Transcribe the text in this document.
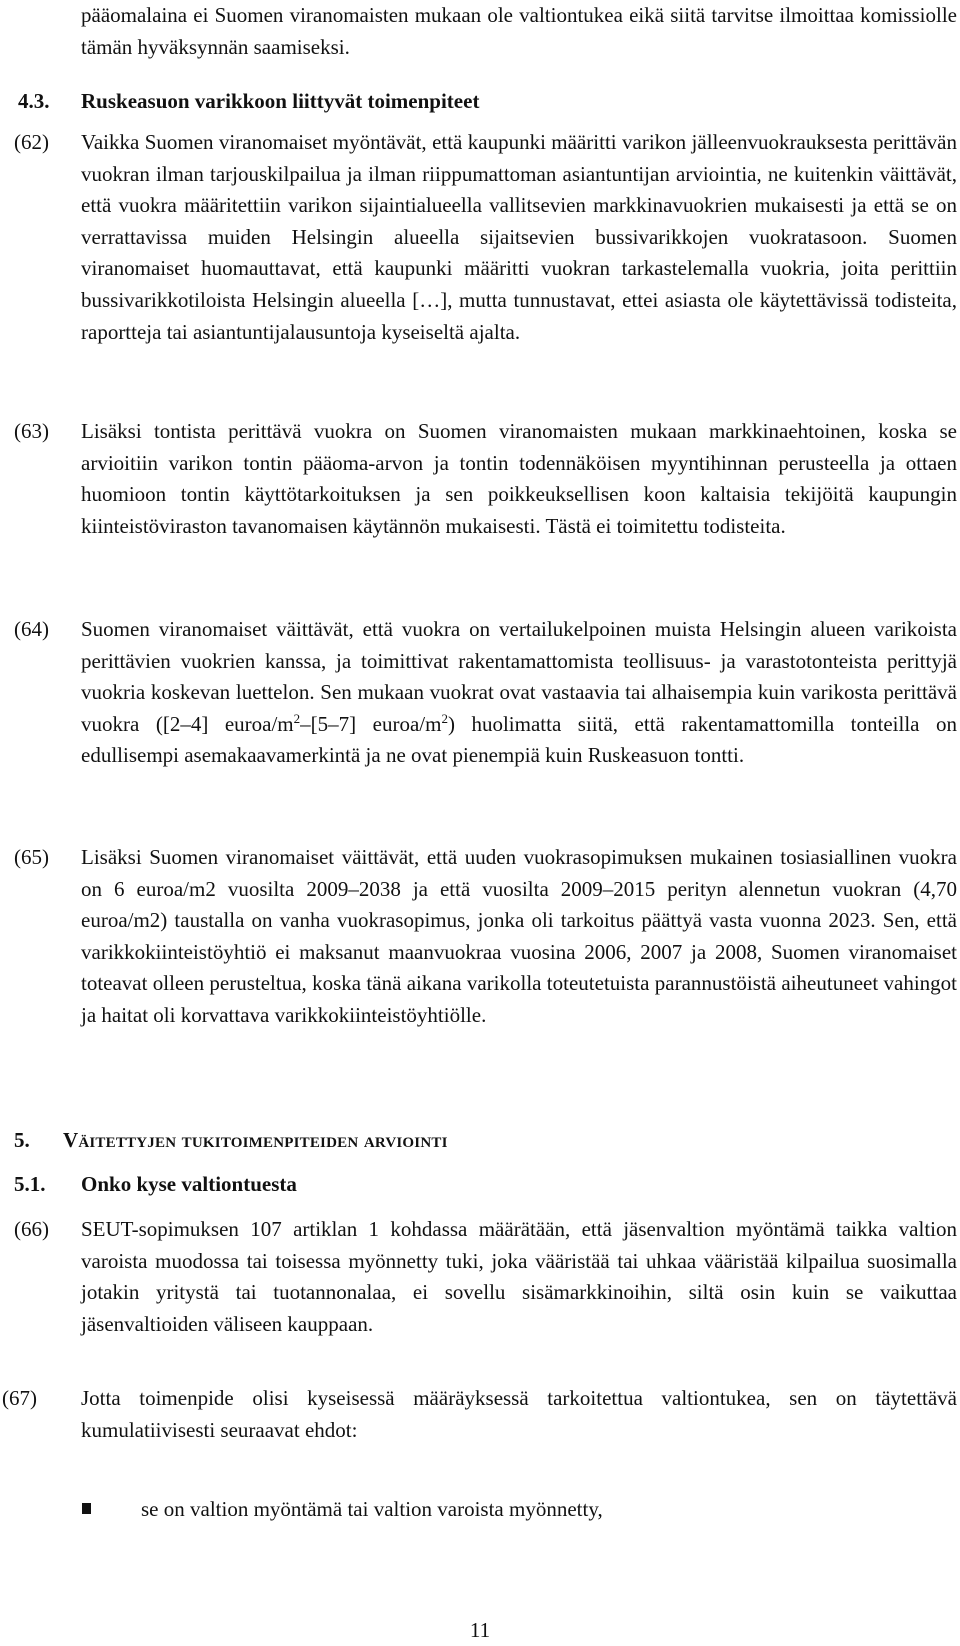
pääomalaina ei Suomen viranomaisten mukaan ole valtiontukea eikä siitä tarvitse ilmoittaa komissiolle tämän hyväksynnän saamiseksi.

4.3. Ruskeasuon varikkoon liittyvät toimenpiteet
(62) Vaikka Suomen viranomaiset myöntävät, että kaupunki määritti varikon jälleenvuokrauksesta perittävän vuokran ilman tarjouskilpailua ja ilman riippumattoman asiantuntijan arviointia, ne kuitenkin väittävät, että vuokra määritettiin varikon sijaintialueella vallitsevien markkinavuokrien mukaisesti ja että se on verrattavissa muiden Helsingin alueella sijaitsevien bussivarikkojen vuokratasoon. Suomen viranomaiset huomauttavat, että kaupunki määritti vuokran tarkastelemalla vuokria, joita perittiin bussivarikkotiloista Helsingin alueella […], mutta tunnustavat, ettei asiasta ole käytettävissä todisteita, raportteja tai asiantuntijalausuntoja kyseiseltä ajalta.

(63) Lisäksi tontista perittävä vuokra on Suomen viranomaisten mukaan markkinaehtoinen, koska se arvioitiin varikon tontin pääoma-arvon ja tontin todennäköisen myyntihinnan perusteella ja ottaen huomioon tontin käyttötarkoituksen ja sen poikkeuksellisen koon kaltaisia tekijöitä kaupungin kiinteistöviraston tavanomaisen käytännön mukaisesti. Tästä ei toimitettu todisteita.

(64) Suomen viranomaiset väittävät, että vuokra on vertailukelpoinen muista Helsingin alueen varikoista perittävien vuokrien kanssa, ja toimittivat rakentamattomista teollisuus- ja varastotonteista perittyjä vuokria koskevan luettelon. Sen mukaan vuokrat ovat vastaavia tai alhaisempia kuin varikosta perittävä vuokra ([2–4] euroa/$m^2-[5-7]$ euroa/$m^2$) huolimatta siitä, että rakentamattomilla tonteilla on edullisempi asemakaavamerkintä ja ne ovat pienempiä kuin Ruskeasuon tontti.

(65) Lisäksi Suomen viranomaiset väittävät, että uuden vuokrasopimuksen mukainen tosiasiallinen vuokra on 6 euroa/m2 vuosilta 2009–2038 ja että vuosilta 2009–2015 perityn alennetun vuokran (4,70 euroa/m2) taustalla on vanha vuokrasopimus, jonka oli tarkoitus päättyä vasta vuonna 2023. Sen, että varikkokiinteistöyhtiö ei maksanut maanvuokraa vuosina 2006, 2007 ja 2008, Suomen viranomaiset toteavat olleen perusteltua, koska tänä aikana varikolla toteutetuista parannustöistä aiheutuneet vahingot ja haitat oli korvattava varikkokiinteistöyhtiölle.

5. Väitettyjen tukitoimenpiteiden arviointi
5.1. Onko kyse valtiontuesta
(66) SEUT-sopimuksen 107 artiklan 1 kohdassa määrätään, että jäsenvaltion myöntämä taikka valtion varoista muodossa tai toisessa myönnetty tuki, joka vääristää tai uhkaa vääristää kilpailua suosimalla jotakin yritystä tai tuotannonalaa, ei sovellu sisämarkkinoihin, siltä osin kuin se vaikuttaa jäsenvaltioiden väliseen kauppaan.

(67) Jotta toimenpide olisi kyseisessä määräyksessä tarkoitettua valtiontukea, sen on täytettävä kumulatiivisesti seuraavat ehdot:

se on valtion myöntämä tai valtion varoista myönnetty,
11
